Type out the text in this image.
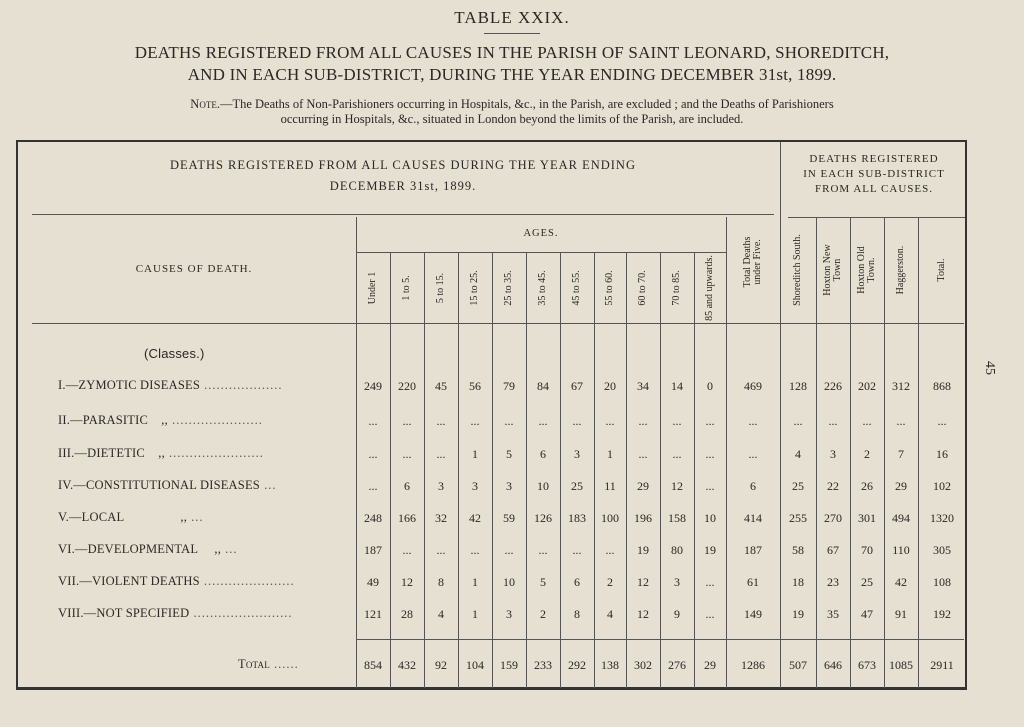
TABLE XXIX.
DEATHS REGISTERED FROM ALL CAUSES IN THE PARISH OF SAINT LEONARD, SHOREDITCH,
AND IN EACH SUB-DISTRICT, DURING THE YEAR ENDING DECEMBER 31st, 1899.
Note.—The Deaths of Non-Parishioners occurring in Hospitals, &c., in the Parish, are excluded ; and the Deaths of Parishioners
occurring in Hospitals, &c., situated in London beyond the limits of the Parish, are included.
45
DEATHS REGISTERED FROM ALL CAUSES DURING THE YEAR ENDING
DECEMBER 31st, 1899.
DEATHS REGISTERED
IN EACH SUB-DISTRICT
FROM ALL CAUSES.
CAUSES OF DEATH.
AGES.
Under 1	1 to 5.	5 to 15.	15 to 25.	25 to 35.	35 to 45.	45 to 55.	55 to 60.	60 to 70.	70 to 85.	85 and upwards.	Total Deaths under Five.	Shoreditch South.	Hoxton New Town	Hoxton Old Town.	Haggerston.	Total.
(Classes.)
I.—ZYMOTIC DISEASES ...................	249	220	45	56	79	84	67	20	34	14	0	469	128	226	202	312	868
II.—PARASITIC    ,, ......................	...	...	...	...	...	...	...	...	...	...	...	...	...	...	...	...	...
III.—DIETETIC    ,, .......................	...	...	...	1	5	6	3	1	...	...	...	...	4	3	2	7	16
IV.—CONSTITUTIONAL DISEASES ...	...	6	3	3	3	10	25	11	29	12	...	6	25	22	26	29	102
V.—LOCAL                 ,, ...	248	166	32	42	59	126	183	100	196	158	10	414	255	270	301	494	1320
VI.—DEVELOPMENTAL     ,, ...	187	...	...	...	...	...	...	...	19	80	19	187	58	67	70	110	305
VII.—VIOLENT DEATHS ......................	49	12	8	1	10	5	6	2	12	3	...	61	18	23	25	42	108
VIII.—NOT SPECIFIED ........................	121	28	4	1	3	2	8	4	12	9	...	149	19	35	47	91	192
Total ......	854	432	92	104	159	233	292	138	302	276	29	1286	507	646	673	1085	2911
